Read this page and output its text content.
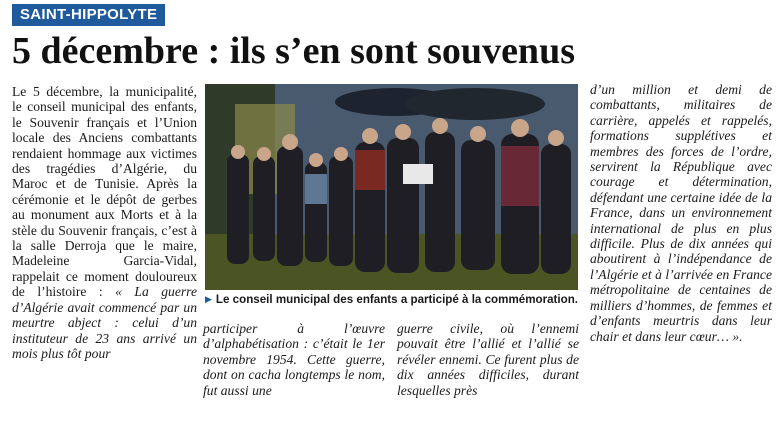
SAINT-HIPPOLYTE
5 décembre : ils s’en sont souvenus

Le 5 décembre, la municipalité, le conseil municipal des enfants, le Souvenir français et l’Union locale des Anciens combattants rendaient hommage aux victimes des tragédies d’Algérie, du Maroc et de Tunisie. Après la cérémonie et le dépôt de gerbes au monument aux Morts et à la stèle du Souvenir français, c’est à la salle Derroja que le maire, Madeleine Garcia-Vidal, rappelait ce moment douloureux de l’histoire : « La guerre d’Algérie avait commencé par un meurtre abject : celui d’un instituteur de 23 ans arrivé un mois plus tôt pour

▶ Le conseil municipal des enfants a participé à la commémoration.

participer à l’œuvre d’alphabétisation : c’était le 1er novembre 1954. Cette guerre, dont on cacha longtemps le nom, fut aussi une

guerre civile, où l’ennemi pouvait être l’allié et l’allié se révéler ennemi. Ce furent plus de dix années difficiles, durant lesquelles près

d’un million et demi de combattants, militaires de carrière, appelés et rappelés, formations supplétives et membres des forces de l’ordre, servirent la République avec courage et détermination, défendant une certaine idée de la France, dans un environnement international de plus en plus difficile. Plus de dix années qui aboutirent à l’indépendance de l’Algérie et à l’arrivée en France métropolitaine de centaines de milliers d’hommes, de femmes et d’enfants meurtris dans leur chair et dans leur cœur… ».
